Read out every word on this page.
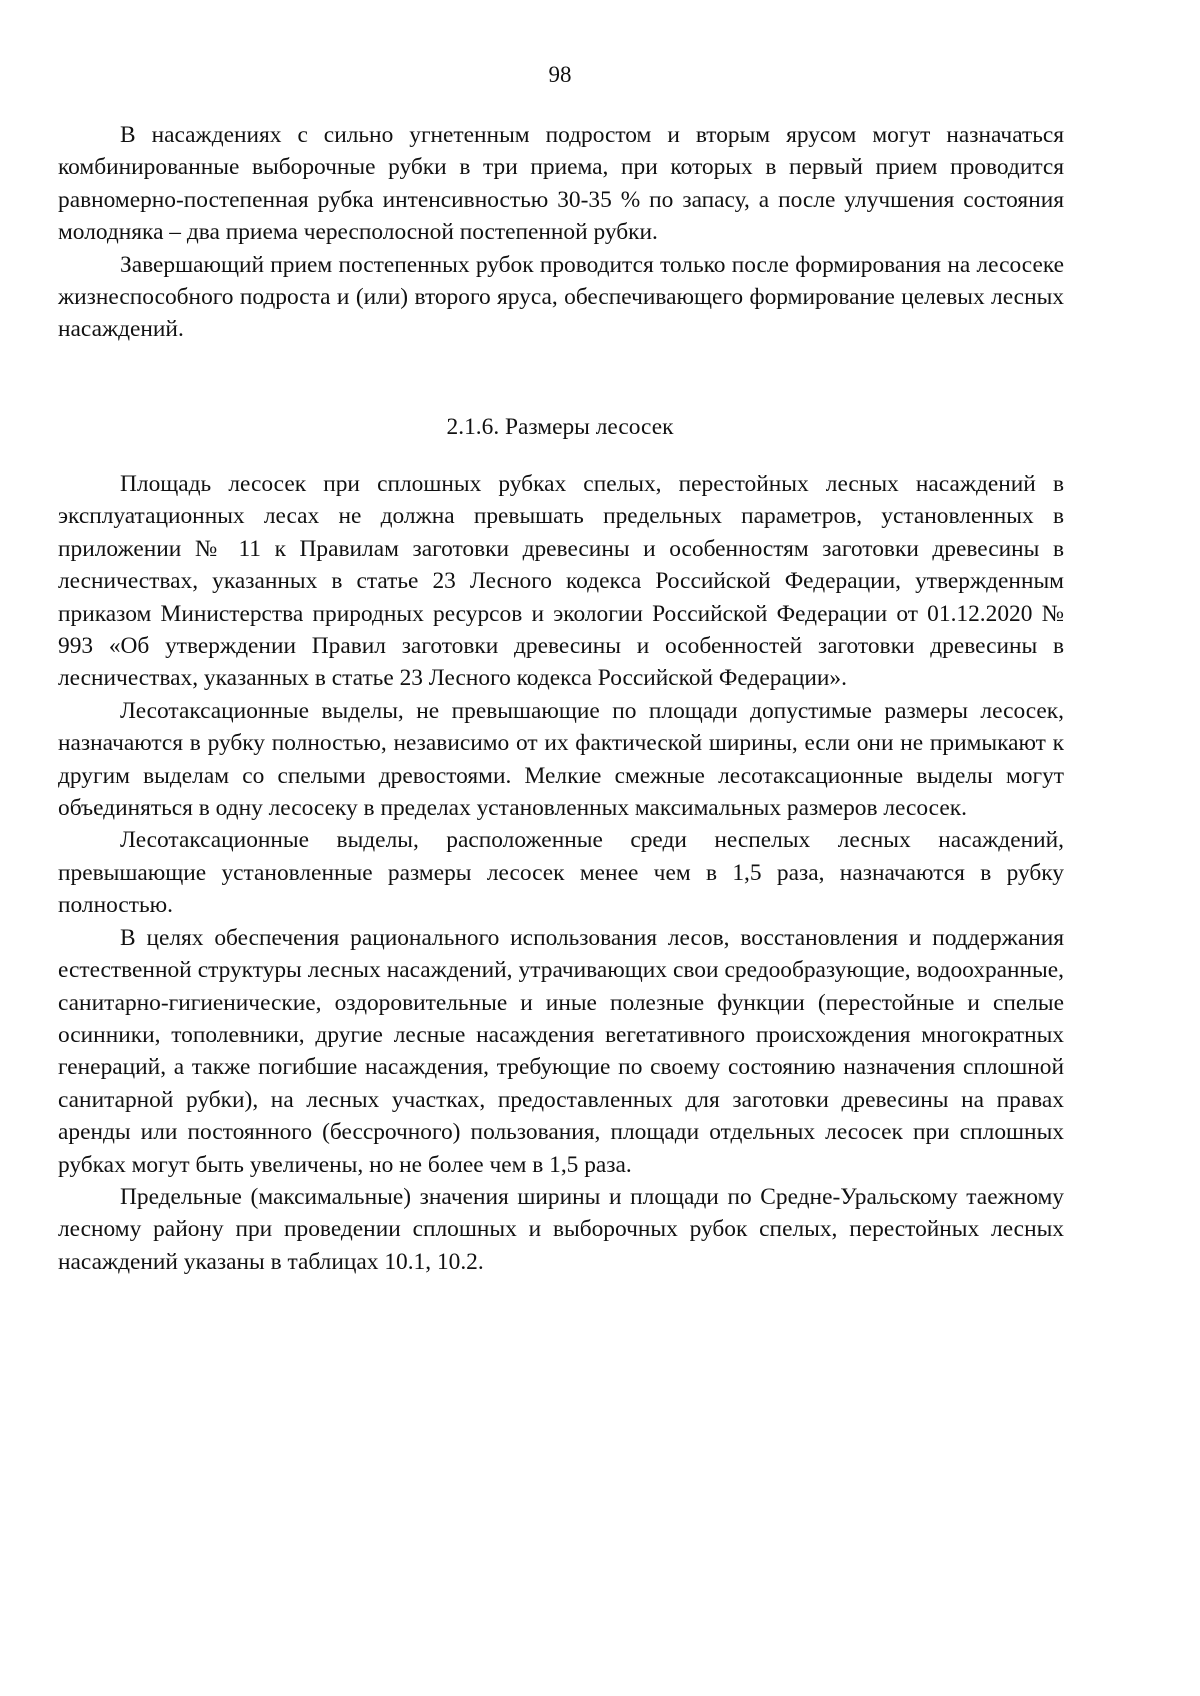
98

В насаждениях с сильно угнетенным подростом и вторым ярусом могут назначаться комбинированные выборочные рубки в три приема, при которых в первый прием проводится равномерно-постепенная рубка интенсивностью 30-35 % по запасу, а после улучшения состояния молодняка – два приема чересполосной постепенной рубки.

Завершающий прием постепенных рубок проводится только после формирования на лесосеке жизнеспособного подроста и (или) второго яруса, обеспечивающего формирование целевых лесных насаждений.

2.1.6. Размеры лесосек

Площадь лесосек при сплошных рубках спелых, перестойных лесных насаждений в эксплуатационных лесах не должна превышать предельных параметров, установленных в приложении № 11 к Правилам заготовки древесины и особенностям заготовки древесины в лесничествах, указанных в статье 23 Лесного кодекса Российской Федерации, утвержденным приказом Министерства природных ресурсов и экологии Российской Федерации от 01.12.2020 № 993 «Об утверждении Правил заготовки древесины и особенностей заготовки древесины в лесничествах, указанных в статье 23 Лесного кодекса Российской Федерации».

Лесотаксационные выделы, не превышающие по площади допустимые размеры лесосек, назначаются в рубку полностью, независимо от их фактической ширины, если они не примыкают к другим выделам со спелыми древостоями. Мелкие смежные лесотаксационные выделы могут объединяться в одну лесосеку в пределах установленных максимальных размеров лесосек.

Лесотаксационные выделы, расположенные среди неспелых лесных насаждений, превышающие установленные размеры лесосек менее чем в 1,5 раза, назначаются в рубку полностью.

В целях обеспечения рационального использования лесов, восстановления и поддержания естественной структуры лесных насаждений, утрачивающих свои средообразующие, водоохранные, санитарно-гигиенические, оздоровительные и иные полезные функции (перестойные и спелые осинники, тополевники, другие лесные насаждения вегетативного происхождения многократных генераций, а также погибшие насаждения, требующие по своему состоянию назначения сплошной санитарной рубки), на лесных участках, предоставленных для заготовки древесины на правах аренды или постоянного (бессрочного) пользования, площади отдельных лесосек при сплошных рубках могут быть увеличены, но не более чем в 1,5 раза.

Предельные (максимальные) значения ширины и площади по Средне-Уральскому таежному лесному району при проведении сплошных и выборочных рубок спелых, перестойных лесных насаждений указаны в таблицах 10.1, 10.2.
